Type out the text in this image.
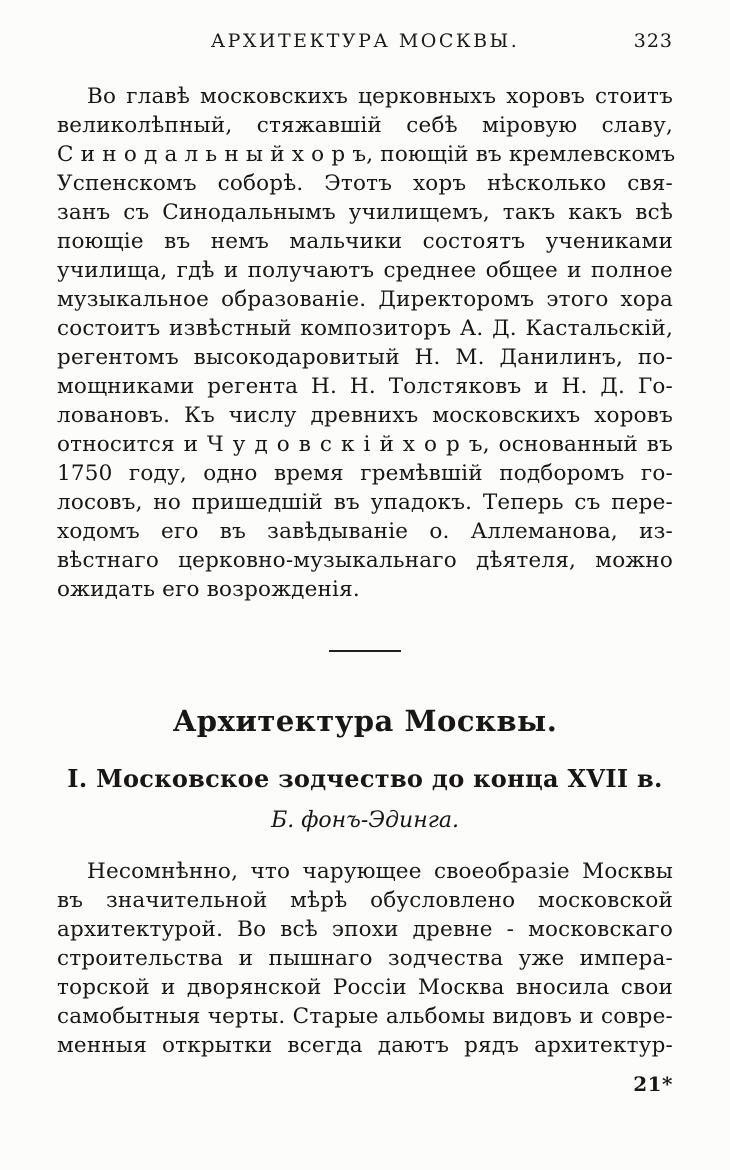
АРХИТЕКТУРА МОСКВЫ.	323
Во главѣ московскихъ церковныхъ хоровъ стоитъ
великолѣпный, стяжавшій себѣ міровую славу,
С и н о д а л ь н ы й х о р ъ, поющій въ кремлевскомъ
Успенскомъ соборѣ. Этотъ хоръ нѣсколько свя-
занъ съ Синодальнымъ училищемъ, такъ какъ всѣ
поющіе въ немъ мальчики состоятъ учениками
училища, гдѣ и получаютъ среднее общее и полное
музыкальное образованіе. Директоромъ этого хора
состоитъ извѣстный композиторъ А. Д. Кастальскій,
регентомъ высокодаровитый Н. М. Данилинъ, по-
мощниками регента Н. Н. Толстяковъ и Н. Д. Го-
ловановъ. Къ числу древнихъ московскихъ хоровъ
относится и Ч у д о в с к і й х о р ъ, основанный въ
1750 году, одно время гремѣвшій подборомъ го-
лосовъ, но пришедшій въ упадокъ. Теперь съ пере-
ходомъ его въ завѣдываніе о. Аллеманова, из-
вѣстнаго церковно-музыкальнаго дѣятеля, можно
ожидать его возрожденія.
Архитектура Москвы.
I. Московское зодчество до конца XVII в.
Б. фонъ-Эдинга.
Несомнѣнно, что чарующее своеобразіе Москвы
въ значительной мѣрѣ обусловлено московской
архитектурой. Во всѣ эпохи древне - московскаго
строительства и пышнаго зодчества уже импера-
торской и дворянской Россіи Москва вносила свои
самобытныя черты. Старые альбомы видовъ и совре-
менныя открытки всегда даютъ рядъ архитектур-
21*
